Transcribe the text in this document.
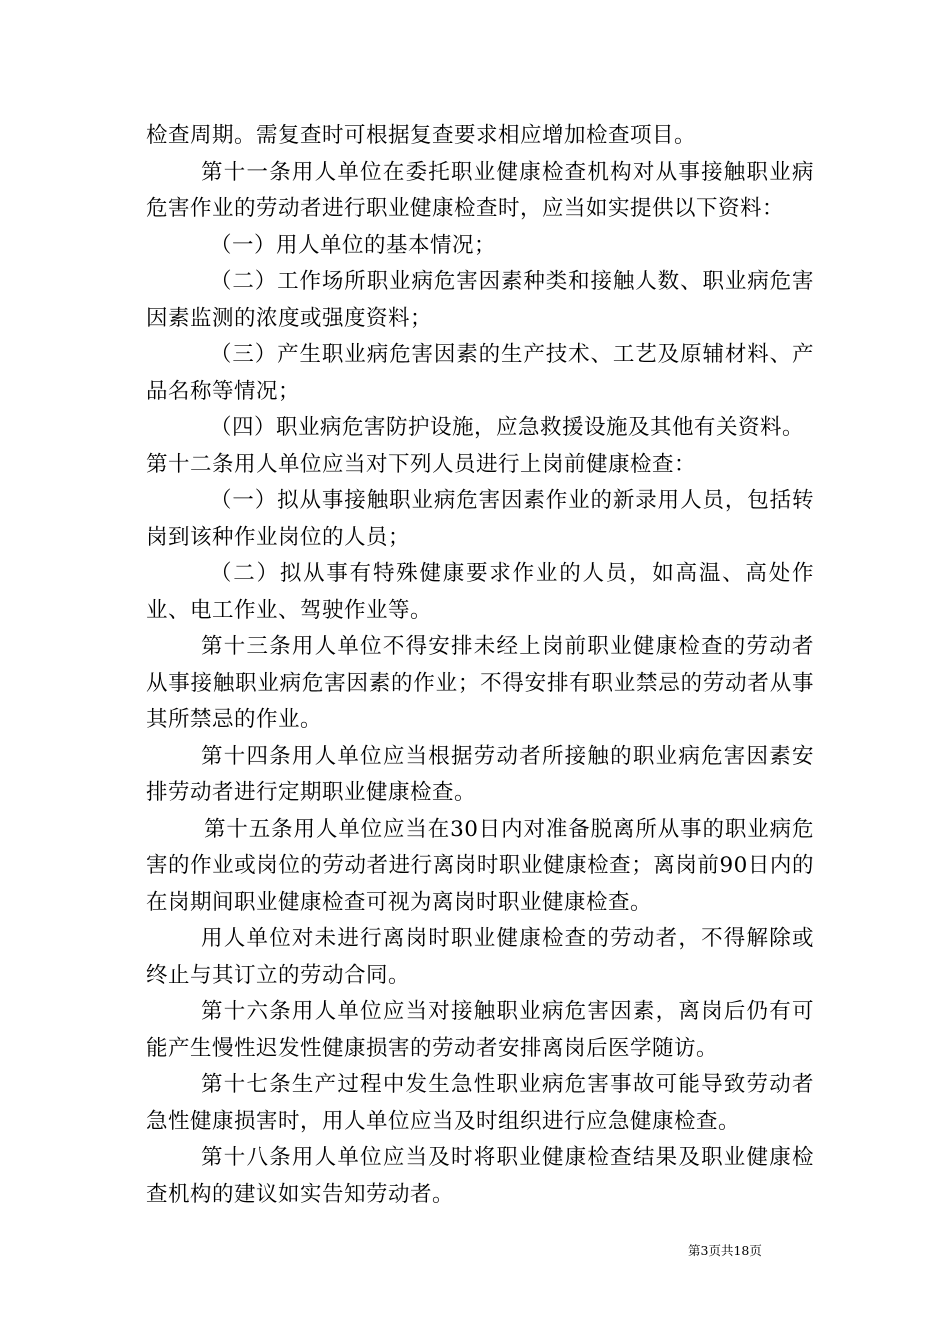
检查周期。需复查时可根据复查要求相应增加检查项目。

第十一条用人单位在委托职业健康检查机构对从事接触职业病危害作业的劳动者进行职业健康检查时，应当如实提供以下资料：

（一）用人单位的基本情况；

（二）工作场所职业病危害因素种类和接触人数、职业病危害因素监测的浓度或强度资料；

（三）产生职业病危害因素的生产技术、工艺及原辅材料、产品名称等情况；

（四）职业病危害防护设施，应急救援设施及其他有关资料。

第十二条用人单位应当对下列人员进行上岗前健康检查：

（一）拟从事接触职业病危害因素作业的新录用人员，包括转岗到该种作业岗位的人员；

（二）拟从事有特殊健康要求作业的人员，如高温、高处作业、电工作业、驾驶作业等。

第十三条用人单位不得安排未经上岗前职业健康检查的劳动者从事接触职业病危害因素的作业；不得安排有职业禁忌的劳动者从事其所禁忌的作业。

第十四条用人单位应当根据劳动者所接触的职业病危害因素安排劳动者进行定期职业健康检查。

第十五条用人单位应当在30日内对准备脱离所从事的职业病危害的作业或岗位的劳动者进行离岗时职业健康检查；离岗前90日内的在岗期间职业健康检查可视为离岗时职业健康检查。

用人单位对未进行离岗时职业健康检查的劳动者，不得解除或终止与其订立的劳动合同。

第十六条用人单位应当对接触职业病危害因素，离岗后仍有可能产生慢性迟发性健康损害的劳动者安排离岗后医学随访。

第十七条生产过程中发生急性职业病危害事故可能导致劳动者急性健康损害时，用人单位应当及时组织进行应急健康检查。

第十八条用人单位应当及时将职业健康检查结果及职业健康检查机构的建议如实告知劳动者。

第3页共18页
